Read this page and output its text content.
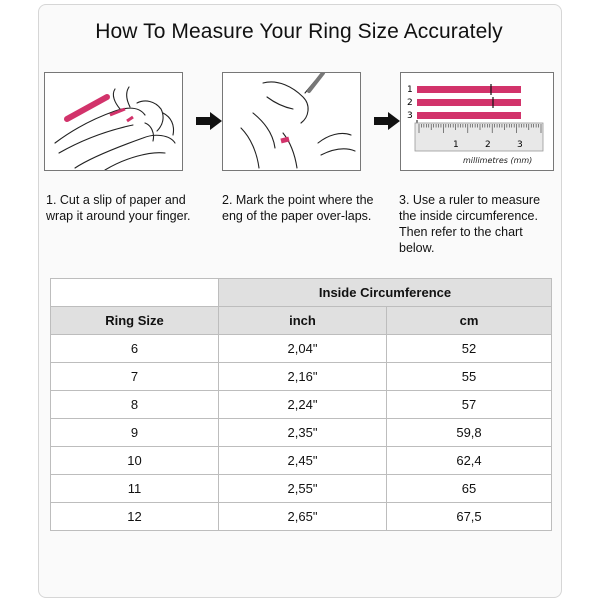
How To Measure Your Ring Size Accurately
1
2
3
1	2	3
millimetres (mm)
1. Cut a slip of paper and wrap it around your finger.
2. Mark the point where the eng of the paper over-laps.
3. Use a ruler to measure the inside circumference. Then refer to the chart below.
	Inside Circumference	
Ring Size	inch	cm
6	2,04"	52
7	2,16"	55
8	2,24"	57
9	2,35"	59,8
10	2,45"	62,4
11	2,55"	65
12	2,65"	67,5
